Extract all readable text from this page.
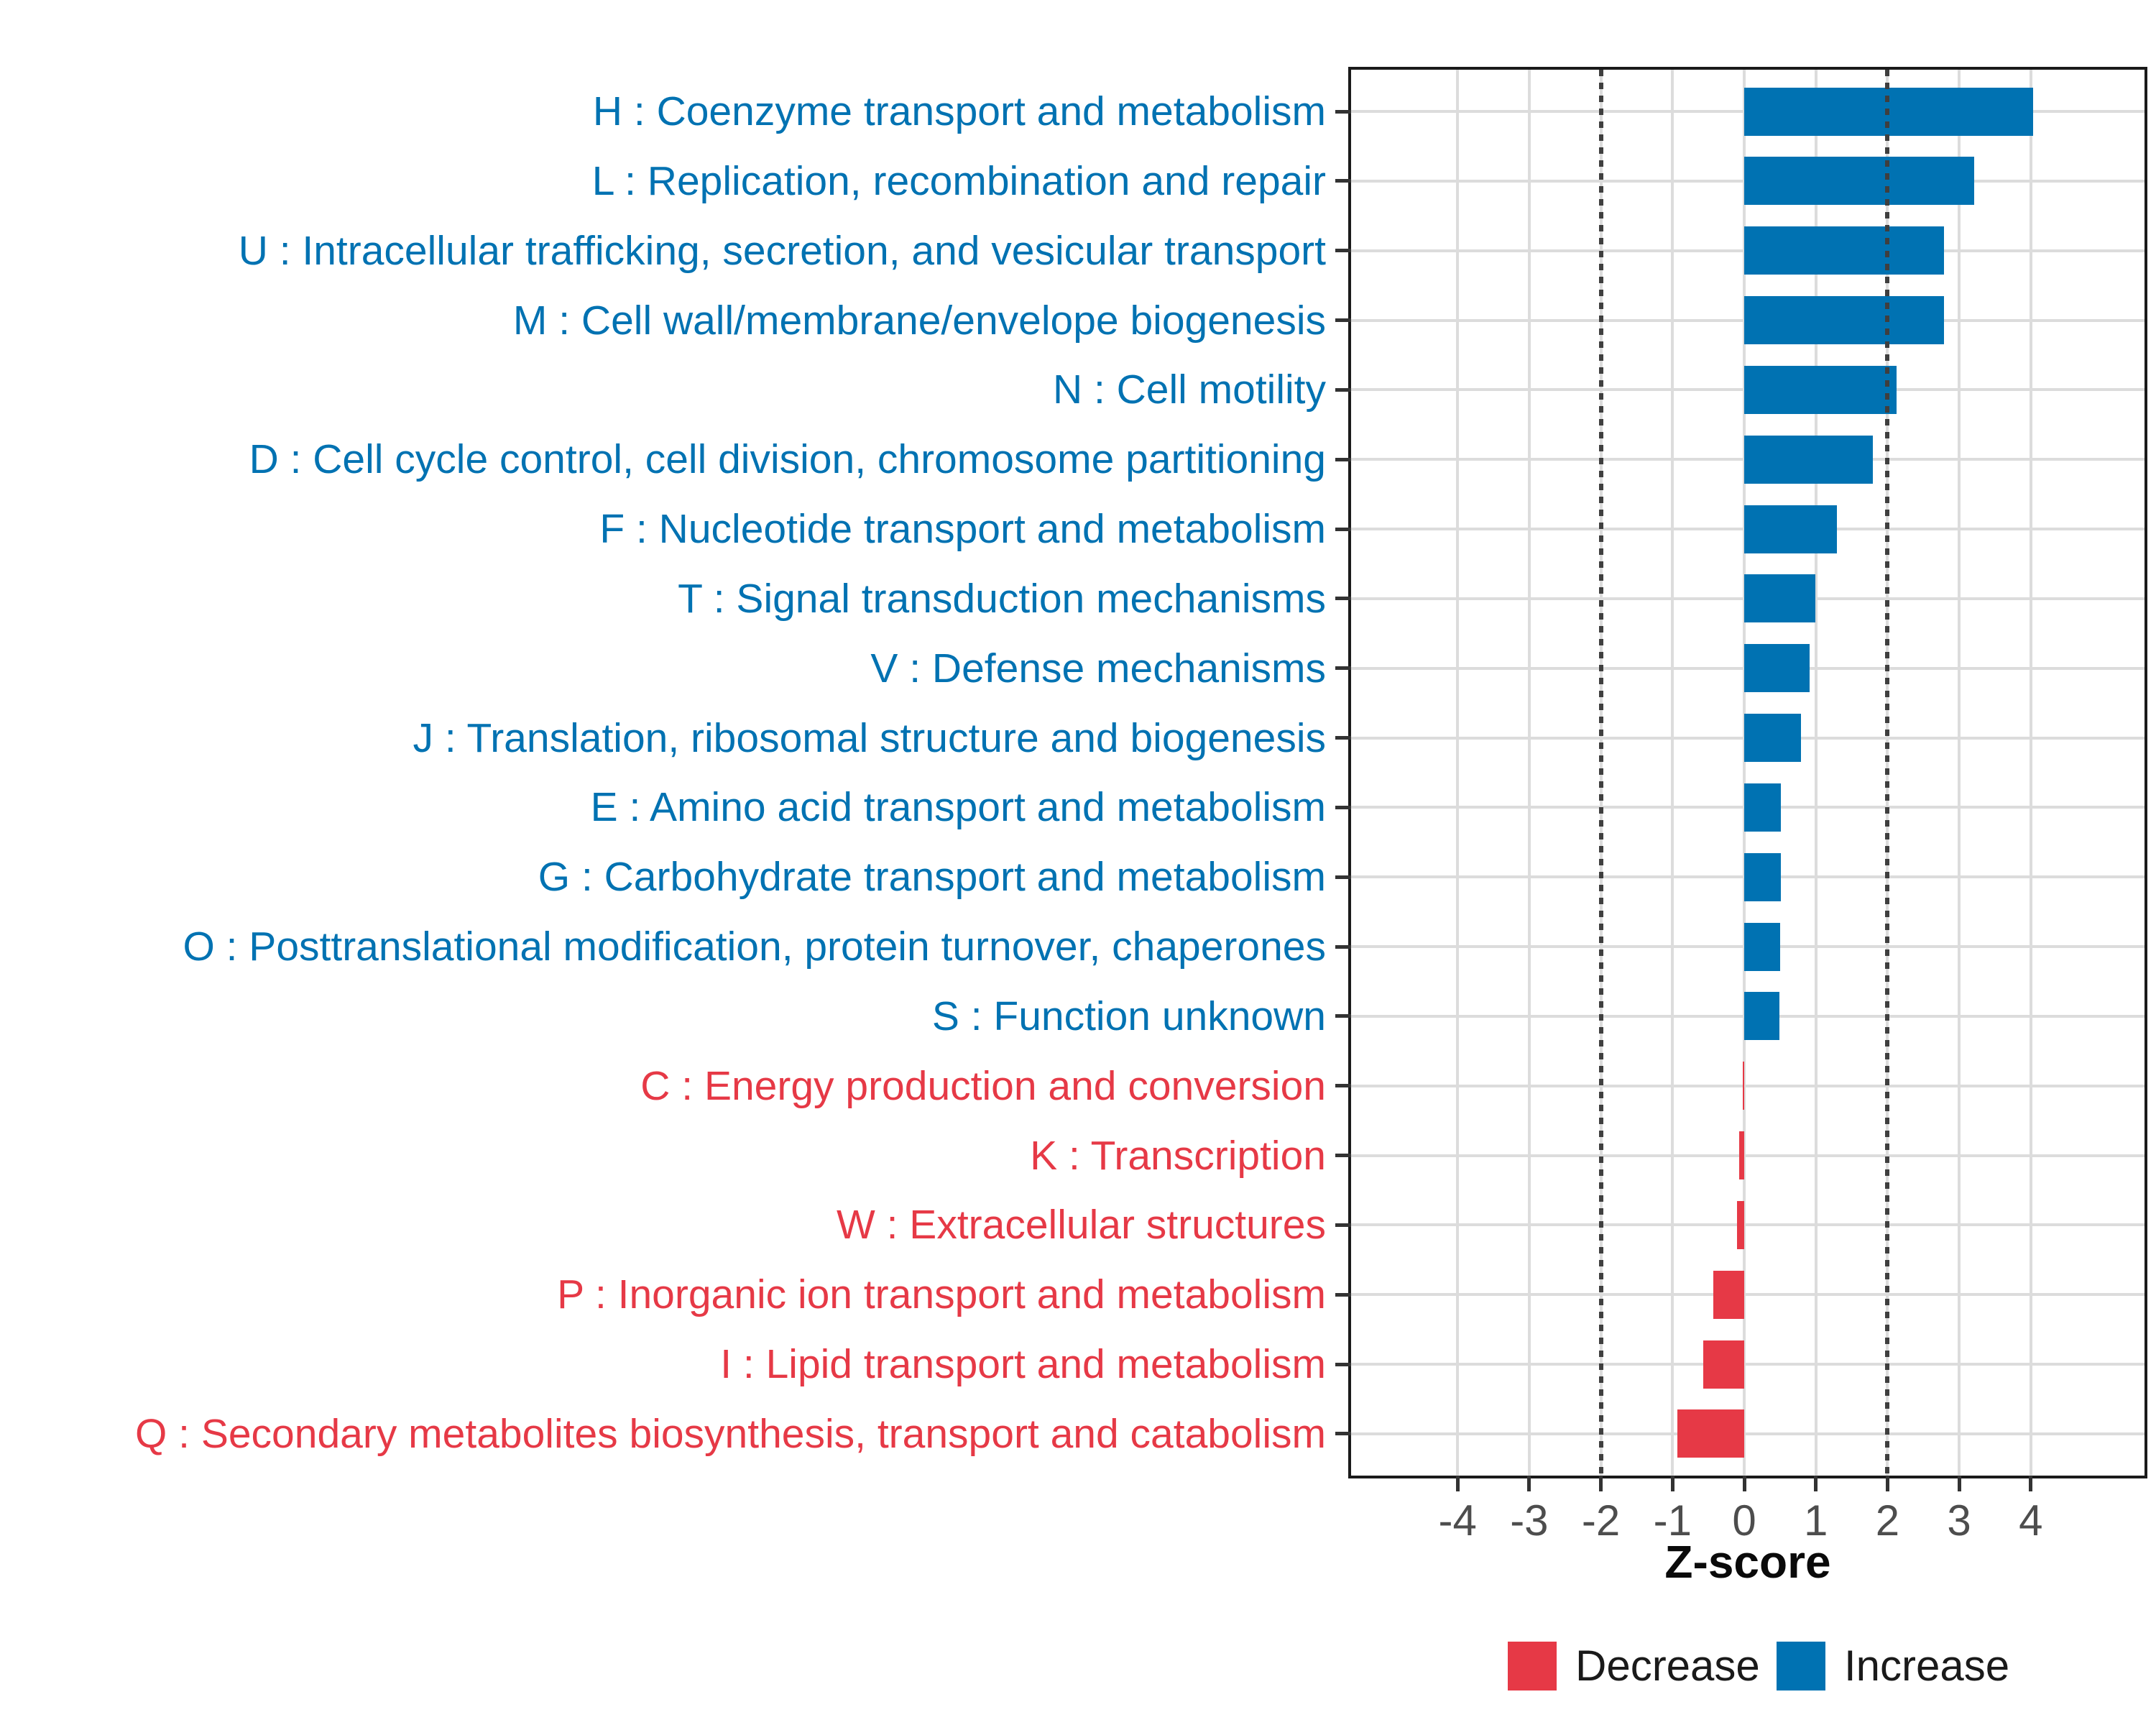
Z-score
Decrease Increase
-4 -3 -2 -1 0	1	2	3	4
H : Coenzyme transport and metabolism
L : Replication, recombination and repair
U : Intracellular trafficking, secretion, and vesicular transport
M : Cell wall/membrane/envelope biogenesis
N : Cell motility
D : Cell cycle control, cell division, chromosome partitioning
F : Nucleotide transport and metabolism
T : Signal transduction mechanisms
V : Defense mechanisms
J : Translation, ribosomal structure and biogenesis
E : Amino acid transport and metabolism
G : Carbohydrate transport and metabolism
O : Posttranslational modification, protein turnover, chaperones
S : Function unknown
C : Energy production and conversion
K : Transcription
W : Extracellular structures
P : Inorganic ion transport and metabolism
I : Lipid transport and metabolism
Q : Secondary metabolites biosynthesis, transport and catabolism
